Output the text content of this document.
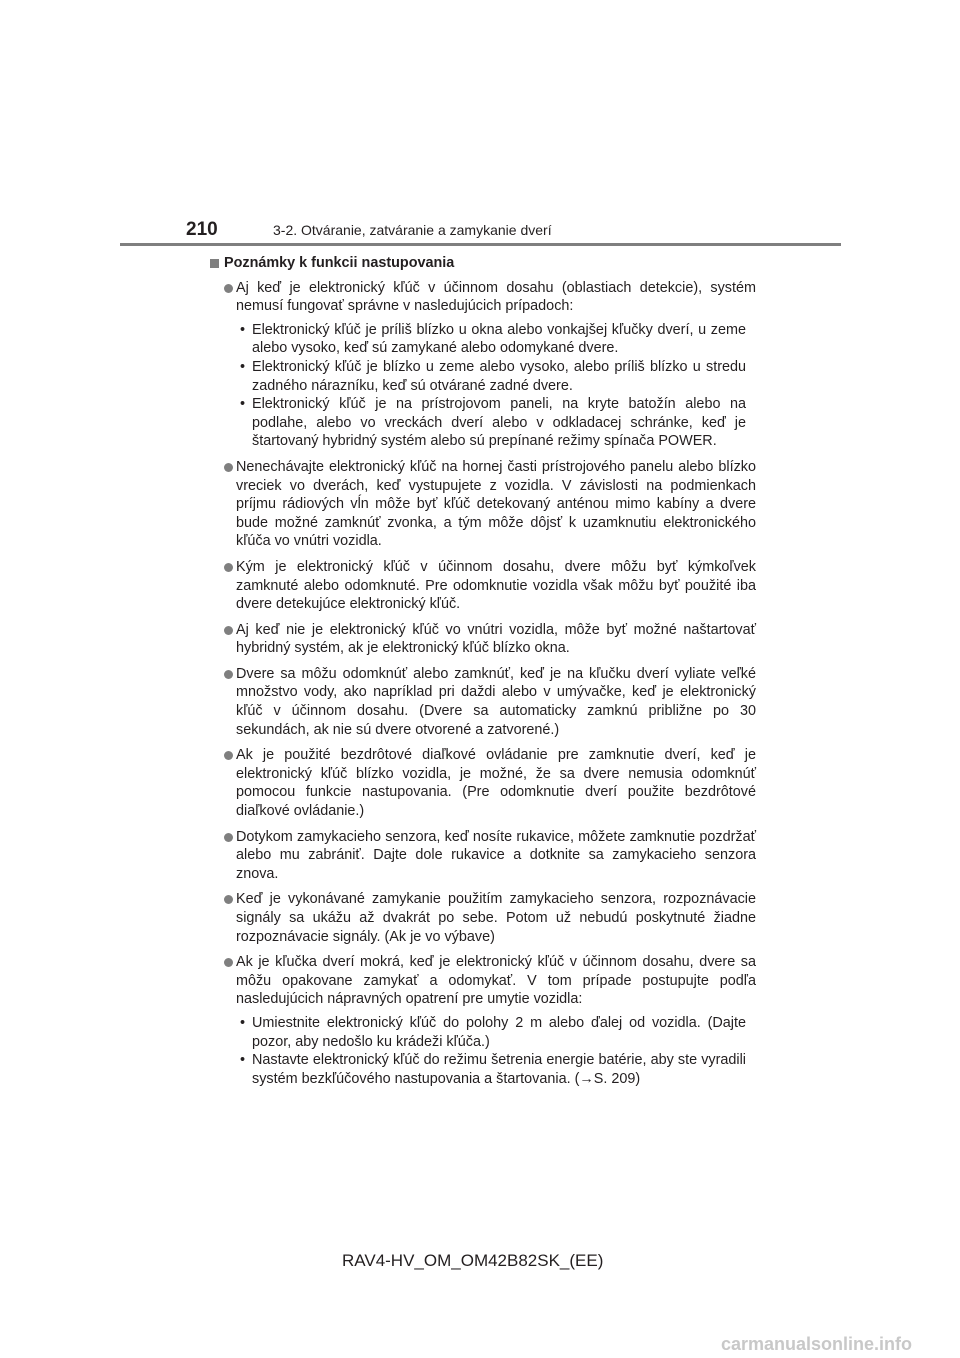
210	3-2. Otváranie, zatváranie a zamykanie dverí
Poznámky k funkcii nastupovania
Aj keď je elektronický kľúč v účinnom dosahu (oblastiach detekcie), systém nemusí fungovať správne v nasledujúcich prípadoch:
• Elektronický kľúč je príliš blízko u okna alebo vonkajšej kľučky dverí, u zeme alebo vysoko, keď sú zamykané alebo odomykané dvere.
• Elektronický kľúč je blízko u zeme alebo vysoko, alebo príliš blízko u stredu zadného nárazníku, keď sú otvárané zadné dvere.
• Elektronický kľúč je na prístrojovom paneli, na kryte batožín alebo na podlahe, alebo vo vreckách dverí alebo v odkladacej schránke, keď je štartovaný hybridný systém alebo sú prepínané režimy spínača POWER.
Nenechávajte elektronický kľúč na hornej časti prístrojového panelu alebo blízko vreciek vo dverách, keď vystupujete z vozidla. V závislosti na podmienkach príjmu rádiových vĺn môže byť kľúč detekovaný anténou mimo kabíny a dvere bude možné zamknúť zvonka, a tým môže dôjsť k uzamknutiu elektronického kľúča vo vnútri vozidla.
Kým je elektronický kľúč v účinnom dosahu, dvere môžu byť kýmkoľvek zamknuté alebo odomknuté. Pre odomknutie vozidla však môžu byť použité iba dvere detekujúce elektronický kľúč.
Aj keď nie je elektronický kľúč vo vnútri vozidla, môže byť možné naštartovať hybridný systém, ak je elektronický kľúč blízko okna.
Dvere sa môžu odomknúť alebo zamknúť, keď je na kľučku dverí vyliate veľké množstvo vody, ako napríklad pri daždi alebo v umývačke, keď je elektronický kľúč v účinnom dosahu. (Dvere sa automaticky zamknú približne po 30 sekundách, ak nie sú dvere otvorené a zatvorené.)
Ak je použité bezdrôtové diaľkové ovládanie pre zamknutie dverí, keď je elektronický kľúč blízko vozidla, je možné, že sa dvere nemusia odomknúť pomocou funkcie nastupovania. (Pre odomknutie dverí použite bezdrôtové diaľkové ovládanie.)
Dotykom zamykacieho senzora, keď nosíte rukavice, môžete zamknutie pozdržať alebo mu zabrániť. Dajte dole rukavice a dotknite sa zamykacieho senzora znova.
Keď je vykonávané zamykanie použitím zamykacieho senzora, rozpoznávacie signály sa ukážu až dvakrát po sebe. Potom už nebudú poskytnuté žiadne rozpoznávacie signály. (Ak je vo výbave)
Ak je kľučka dverí mokrá, keď je elektronický kľúč v účinnom dosahu, dvere sa môžu opakovane zamykať a odomykať. V tom prípade postupujte podľa nasledujúcich nápravných opatrení pre umytie vozidla:
• Umiestnite elektronický kľúč do polohy 2 m alebo ďalej od vozidla. (Dajte pozor, aby nedošlo ku krádeži kľúča.)
• Nastavte elektronický kľúč do režimu šetrenia energie batérie, aby ste vyradili systém bezkľúčového nastupovania a štartovania. (→S. 209)
RAV4-HV_OM_OM42B82SK_(EE)
carmanualsonline.info
